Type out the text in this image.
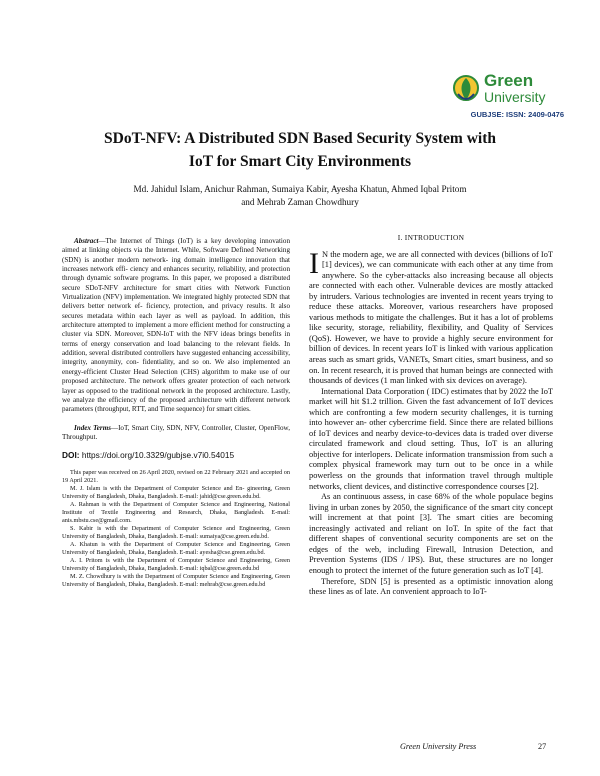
Green
University
GUBJSE: ISSN: 2409-0476
SDoT-NFV: A Distributed SDN Based Security System with
IoT for Smart City Environments
Md. Jahidul Islam, Anichur Rahman, Sumaiya Kabir, Ayesha Khatun, Ahmed Iqbal Pritom
and Mehrab Zaman Chowdhury

Abstract—The Internet of Things (IoT) is a key developing innovation aimed at linking objects via the Internet. While, Software Defined Networking (SDN) is another modern network- ing domain intelligence innovation that increases network effi- ciency and enhances security, reliability, and protection through dynamic software programs. In this paper, we proposed a distributed secure SDoT-NFV architecture for smart cities with Network Function Virtualization (NFV) implementation. We integrated highly protected SDN that delivers better network ef- ficiency, protection, and privacy results. It also secures metadata within each layer as well as payload. In addition, this architecture attempted to implement a more efficient method for constructing a cluster via SDN. Moreover, SDN-IoT with the NFV ideas brings benefits in terms of energy conservation and load balancing to the relevant fields. In addition, several distributed controllers have suggested enhancing accessibility, integrity, anonymity, con- fidentiality, and so on. We also implemented an energy-efficient Cluster Head Selection (CHS) algorithm to make use of our proposed architecture. The network offers greater protection of each network layer as opposed to the traditional network in the proposed architecture. Lastly, we analyze the efficiency of the proposed architecture with different network parameters (throughput, RTT, and Time sequence) for smart cities.

Index Terms—IoT, Smart City, SDN, NFV, Controller, Cluster, OpenFlow, Throughput.

DOI: https://doi.org/10.3329/gubjse.v7i0.54015

This paper was received on 26 April 2020, revised on 22 February 2021 and accepted on 19 April 2021.

M. J. Islam is with the Department of Computer Science and En- gineering, Green University of Bangladesh, Dhaka, Bangladesh. E-mail: jahid@cse.green.edu.bd.

A. Rahman is with the Department of Computer Science and Engineering, National Institute of Textile Engineering and Research, Dhaka, Bangladesh. E-mail: anis.mbstu.cse@gmail.com.

S. Kabir is with the Department of Computer Science and Engineering, Green University of Bangladesh, Dhaka, Bangladesh. E-mail: sumaiya@cse.green.edu.bd.

A. Khatun is with the Department of Computer Science and Engineering, Green University of Bangladesh, Dhaka, Bangladesh. E-mail: ayesha@cse.green.edu.bd.

A. I. Pritom is with the Department of Computer Science and Engineering, Green University of Bangladesh, Dhaka, Bangladesh. E-mail: iqbal@cse.green.edu.bd

M. Z. Chowdhury is with the Department of Computer Science and Engineering, Green University of Bangladesh, Dhaka, Bangladesh. E-mail: mehrab@cse.green.edu.bd

I. INTRODUCTION

I N the modern age, we are all connected with devices (billions of IoT [1] devices), we can communicate with each other at any time from anywhere. So the cyber-attacks also increasing because all objects are connected with each other. Vulnerable devices are mostly attacked by intruders. Various technologies are invented in recent years trying to reduce these attacks. Moreover, various researchers have proposed various methods to mitigate the challenges. But it has a lot of problems like security, storage, reliability, flexibility, and Quality of Services (QoS). However, we have to provide a highly secure environment for billion of devices. In recent years IoT is linked with various application areas such as smart grids, VANETs, Smart cities, smart business, and so on. In recent research, it is proved that human beings are connected with thousands of devices (1 man linked with six devices on average).

International Data Corporation ( IDC) estimates that by 2022 the IoT market will hit $1.2 trillion. Given the fast advancement of IoT devices which are confronting a few modern security challenges, it is turning into however an- other cybercrime field. Since there are related billions of IoT devices and nearby device-to-devices data is traded over diverse circulated framework and cloud setting. Thus, IoT is an alluring objective for interlopers. Delicate information transmission from such a complex physical framework may turn out to be once in a while powerless on the grounds that information travel through multiple networks, client devices, and distinctive correspondence courses [2].

As an continuous assess, in case 68% of the whole populace begins living in urban zones by 2050, the significance of the smart city concept will increment at that point [3]. The smart cities are becoming increasingly activated and reliant on IoT. In spite of the fact that different shapes of conventional security components are set on the edges of the web, including Firewall, Intrusion Detection, and Prevention Systems (IDS / IPS). But, these structures are no longer enough to protect the internet of the future generation such as IoT [4].

Therefore, SDN [5] is presented as a optimistic innovation along these lines as of late. An convenient approach to IoT-

Green University Press	27
